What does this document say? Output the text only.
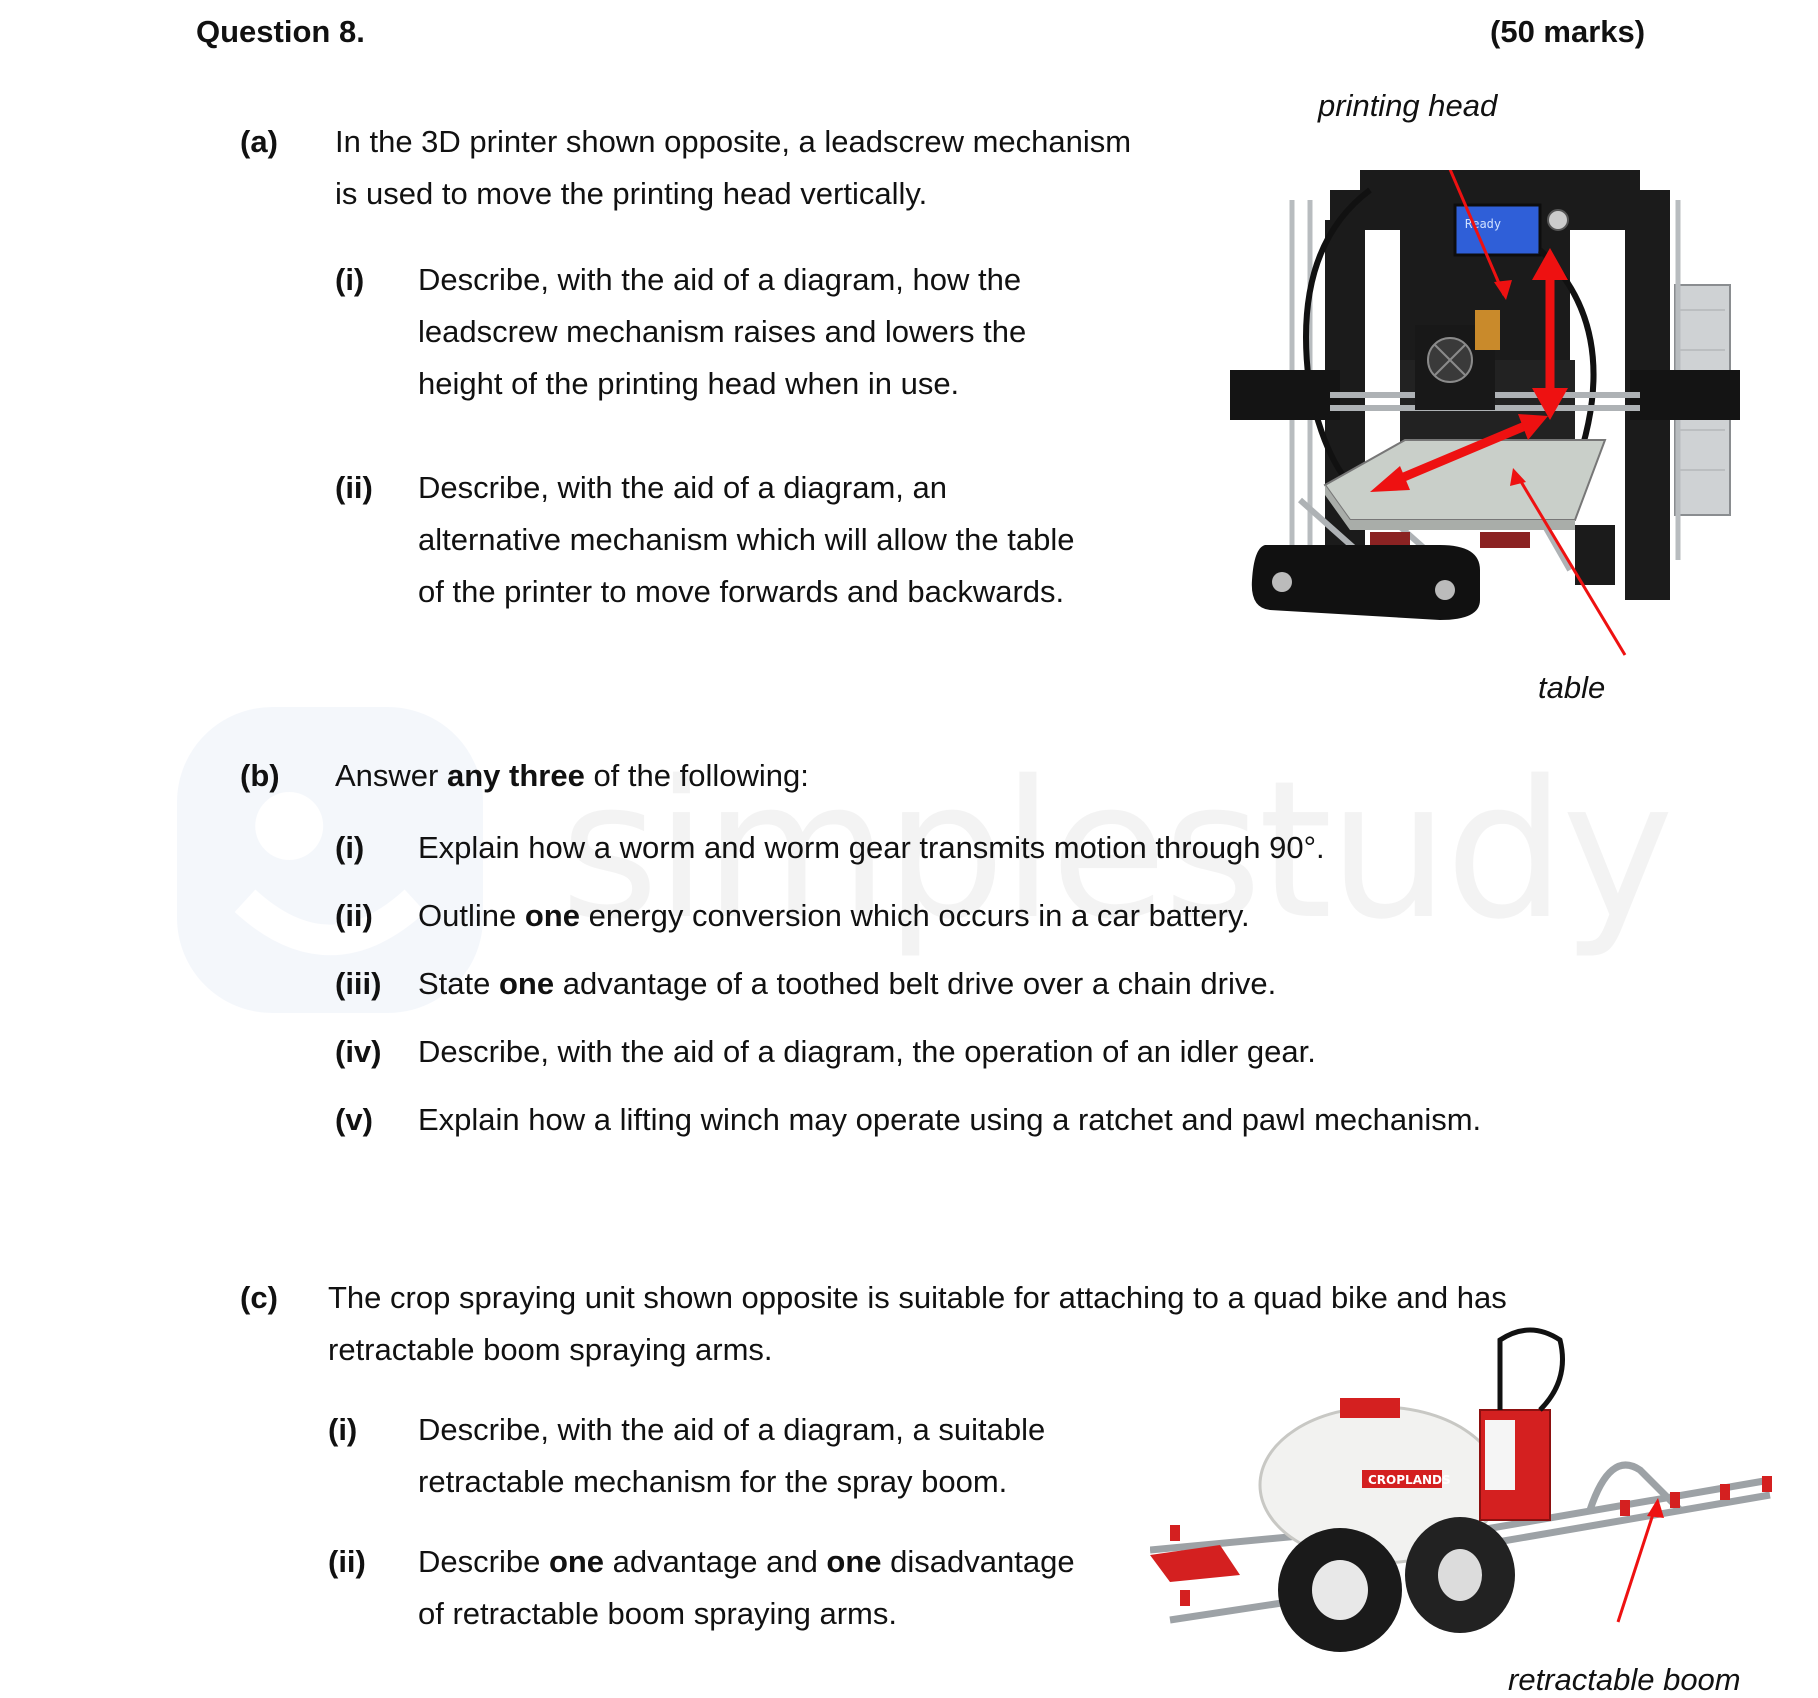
Question 8.	(50 marks)
(a) In the 3D printer shown opposite, a leadscrew mechanism
is used to move the printing head vertically.
(i) Describe, with the aid of a diagram, how the
leadscrew mechanism raises and lowers the
height of the printing head when in use.
(ii) Describe, with the aid of a diagram, an
alternative mechanism which will allow the table
of the printer to move forwards and backwards.
printing head
table
Ready
(b) Answer any three of the following:
(i) Explain how a worm and worm gear transmits motion through 90°.
(ii) Outline one energy conversion which occurs in a car battery.
(iii) State one advantage of a toothed belt drive over a chain drive.
(iv) Describe, with the aid of a diagram, the operation of an idler gear.
(v) Explain how a lifting winch may operate using a ratchet and pawl mechanism.
(c) The crop spraying unit shown opposite is suitable for attaching to a quad bike and has
retractable boom spraying arms.
(i) Describe, with the aid of a diagram, a suitable
retractable mechanism for the spray boom.
(ii) Describe one advantage and one disadvantage
of retractable boom spraying arms.
retractable boom
CROPLANDS
